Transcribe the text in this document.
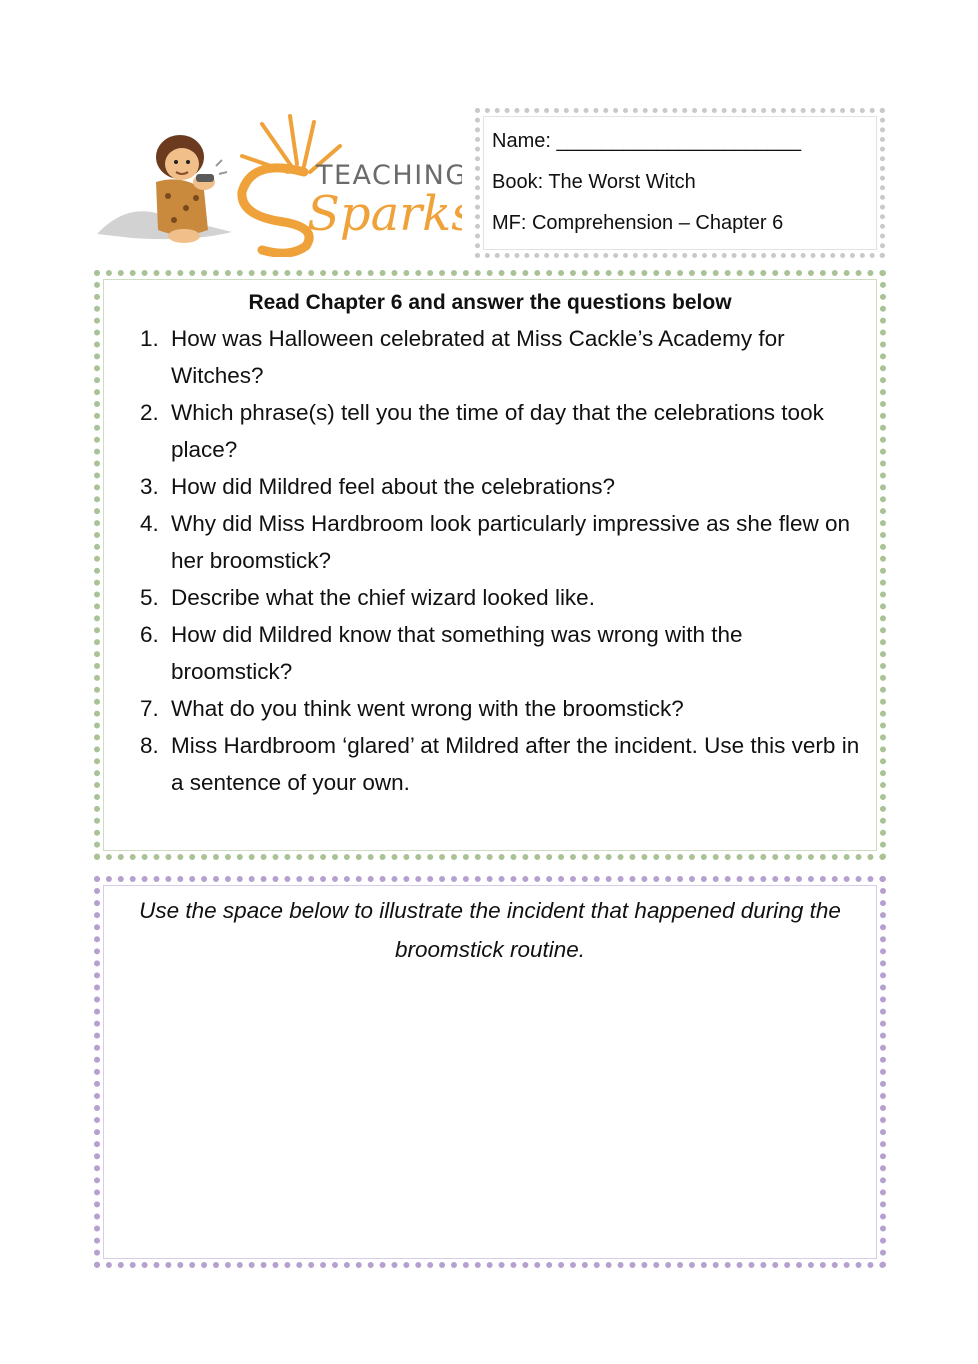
TEACHING
Sparks
Name: ______________________
Book: The Worst Witch
MF: Comprehension – Chapter 6
Read Chapter 6 and answer the questions below
1. How was Halloween celebrated at Miss Cackle’s Academy for Witches?
2. Which phrase(s) tell you the time of day that the celebrations took place?
3. How did Mildred feel about the celebrations?
4. Why did Miss Hardbroom look particularly impressive as she flew on her broomstick?
5. Describe what the chief wizard looked like.
6. How did Mildred know that something was wrong with the broomstick?
7. What do you think went wrong with the broomstick?
8. Miss Hardbroom ‘glared’ at Mildred after the incident. Use this verb in a sentence of your own.
Use the space below to illustrate the incident that happened during the broomstick routine.
